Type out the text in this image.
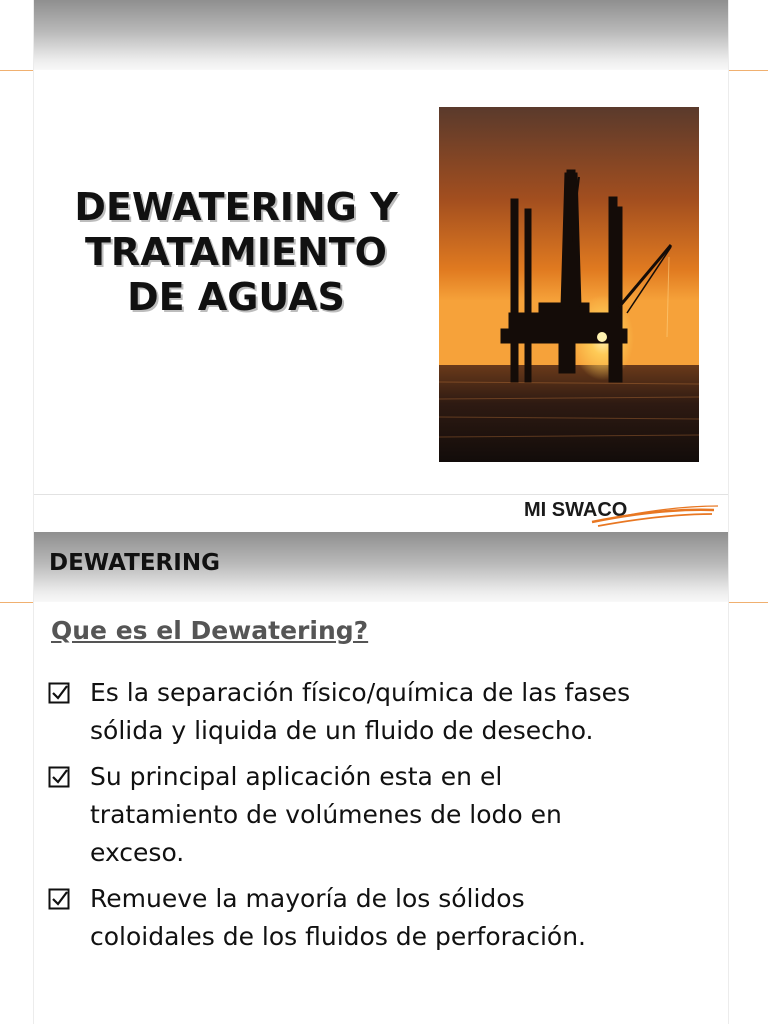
DEWATERING Y
TRATAMIENTO
DE AGUAS
MI SWACO
DEWATERING
Que es el Dewatering?
Es la separación físico/química de las fases sólida y liquida de un fluido de desecho.
Su principal aplicación esta en el tratamiento de volúmenes de lodo en exceso.
Remueve la mayoría de los sólidos coloidales de los fluidos de perforación.
